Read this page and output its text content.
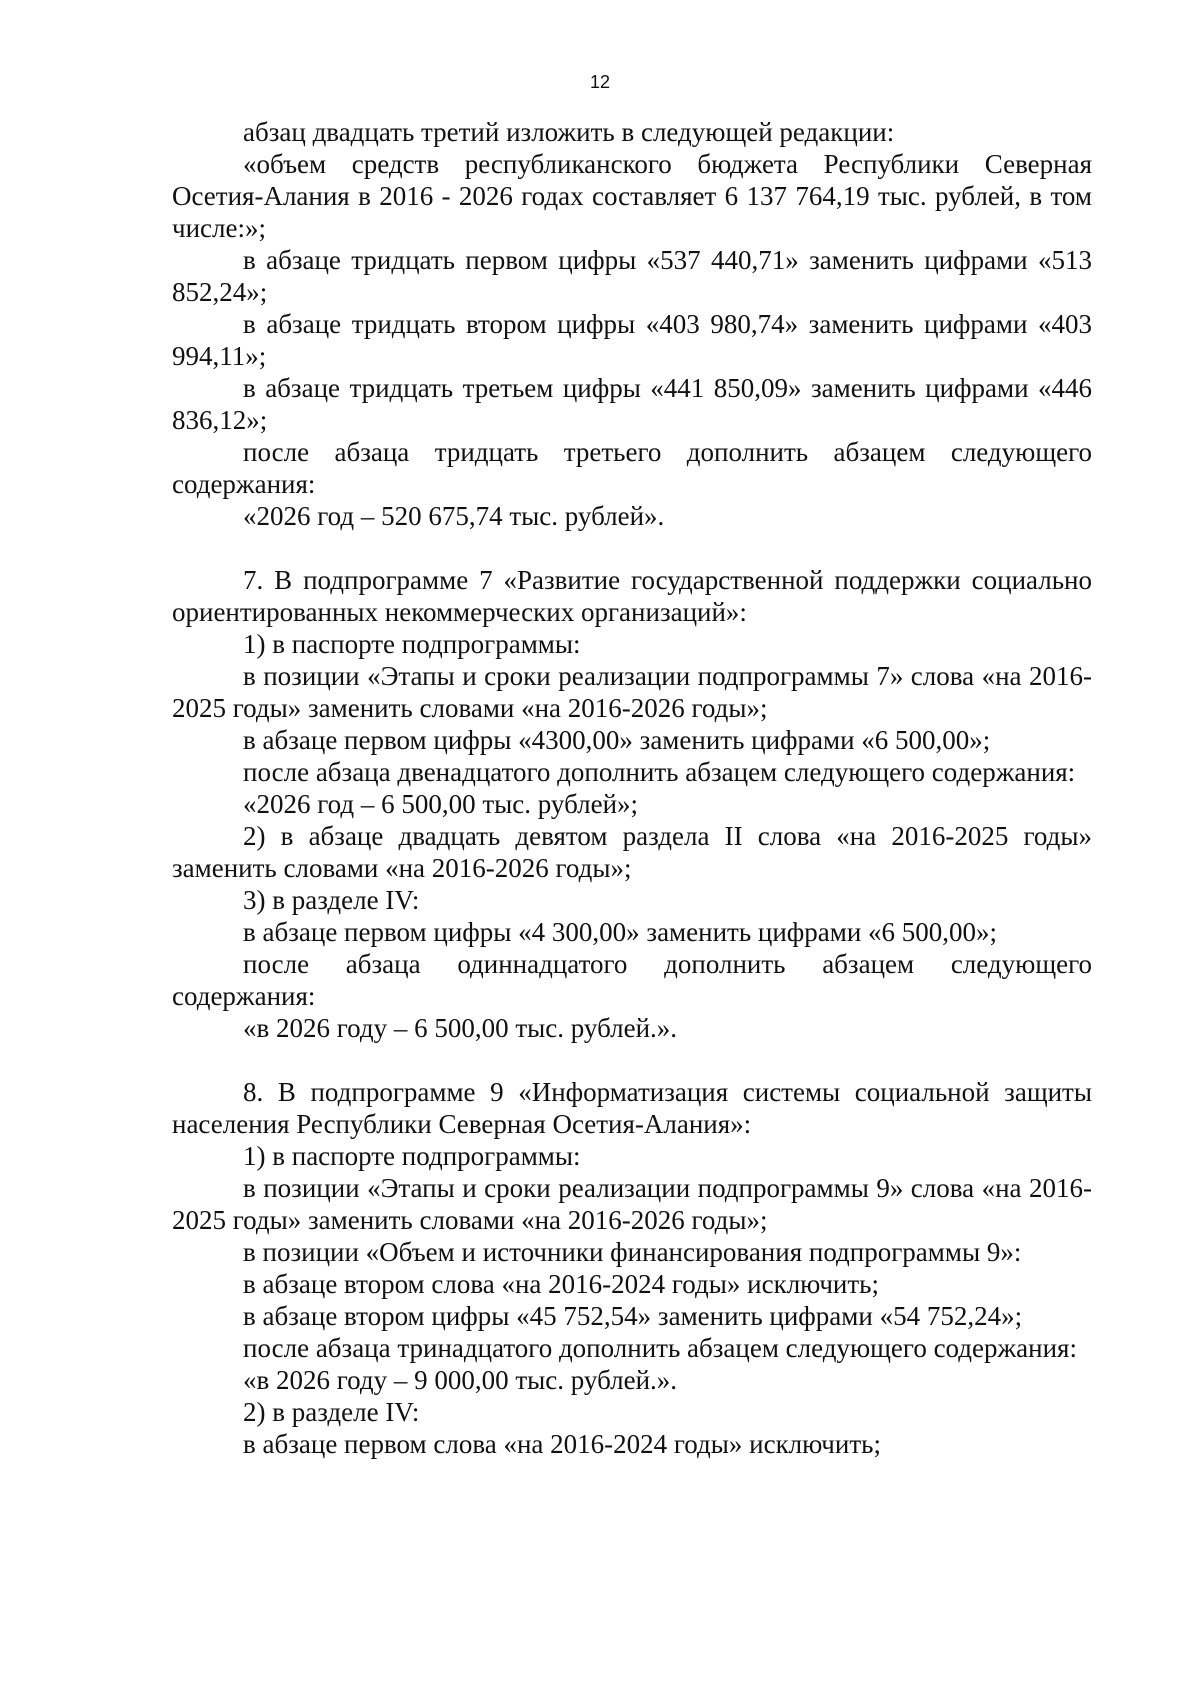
12

абзац двадцать третий изложить в следующей редакции:

«объем средств республиканского бюджета Республики Северная Осетия-Алания в 2016 - 2026 годах составляет 6 137 764,19 тыс. рублей, в том числе:»;

в абзаце тридцать первом цифры «537 440,71» заменить цифрами «513 852,24»;

в абзаце тридцать втором цифры «403 980,74» заменить цифрами «403 994,11»;

в абзаце тридцать третьем цифры «441 850,09» заменить цифрами «446 836,12»;

после абзаца тридцать третьего дополнить абзацем следующего содержания:

«2026 год – 520 675,74 тыс. рублей».

7. В подпрограмме 7 «Развитие государственной поддержки социально ориентированных некоммерческих организаций»:

1) в паспорте подпрограммы:

в позиции «Этапы и сроки реализации подпрограммы 7» слова «на 2016-2025 годы» заменить словами «на 2016-2026 годы»;

в абзаце первом цифры «4300,00» заменить цифрами «6 500,00»;

после абзаца двенадцатого дополнить абзацем следующего содержания:

«2026 год – 6 500,00 тыс. рублей»;

2) в абзаце двадцать девятом раздела II слова «на 2016-2025 годы» заменить словами «на 2016-2026 годы»;

3) в разделе IV:

в абзаце первом цифры «4 300,00» заменить цифрами «6 500,00»;

после абзаца одиннадцатого дополнить абзацем следующего содержания:

«в 2026 году – 6 500,00 тыс. рублей.».

8. В подпрограмме 9 «Информатизация системы социальной защиты населения Республики Северная Осетия-Алания»:

1) в паспорте подпрограммы:

в позиции «Этапы и сроки реализации подпрограммы 9» слова «на 2016-2025 годы» заменить словами «на 2016-2026 годы»;

в позиции «Объем и источники финансирования подпрограммы 9»:

в абзаце втором слова «на 2016-2024 годы» исключить;

в абзаце втором цифры «45 752,54» заменить цифрами «54 752,24»;

после абзаца тринадцатого дополнить абзацем следующего содержания:

«в 2026 году – 9 000,00 тыс. рублей.».

2) в разделе IV:

в абзаце первом слова «на 2016-2024 годы» исключить;
